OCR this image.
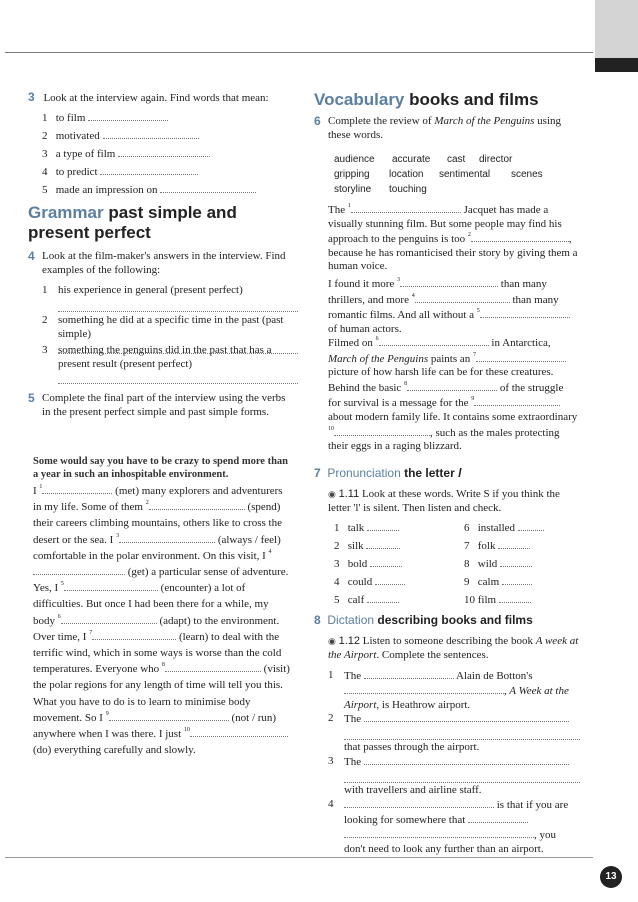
3 Look at the interview again. Find words that mean:
1   to film
2   motivated
3   a type of film
4   to predict
5   made an impression on
Grammar past simple and present perfect
4 Look at the film-maker's answers in the interview. Find examples of the following:
1 his experience in general (present perfect)
2 something he did at a specific time in the past (past simple)
3 something the penguins did in the past that has a present result (present perfect)
5 Complete the final part of the interview using the verbs in the present perfect simple and past simple forms.
Some would say you have to be crazy to spend more than a year in such an inhospitable environment.
I $^1$	(met) many explorers and adventurers in my life. Some of them $^2$	(spend) their careers climbing mountains, others like to cross the desert or the sea. I $^3$	(always / feel) comfortable in the polar environment. On this visit, I $^4$ (get) a particular sense of adventure. Yes, I $^5$	(encounter) a lot of difficulties. But once I had been there for a while, my body $^6$	(adapt) to the environment. Over time, I $^7$	(learn) to deal with the terrific wind, which in some ways is worse than the cold temperatures. Everyone who $^8$	(visit) the polar regions for any length of time will tell you this. What you have to do is to learn to minimise body movement. So I $^9$	(not / run) anywhere when I was there. I just $^{10}$ (do) everything carefully and slowly.
Vocabulary books and films
6 Complete the review of March of the Penguins using these words.
audience accurate cast director
gripping location sentimental scenes
storyline touching
The $^1$	Jacquet has made a visually stunning film. But some people may find his approach to the penguins is too $^2$	, because he has romanticised their story by giving them a human voice.
I found it more $^3$	than many thrillers, and more $^4$	than many romantic films. And all without a $^5$of human actors.
Filmed on $^6$	in Antarctica, March of the Penguins paints an $^7$ picture of how harsh life can be for these creatures. Behind the basic $^8$	of the struggle for survival is a message for the $^9$ about modern family life. It contains some extraordinary $^{10}$	, such as the males protecting their eggs in a raging blizzard.
7 Pronunciation the letter l
◉ 1.11 Look at these words. Write S if you think the letter 'l' is silent. Then listen and check.
1   talk
2   silk
3   bold
4   could
5   calf
6   installed
7   folk
8   wild
9   calm
10 film
8 Dictation describing books and films
◉ 1.12 Listen to someone describing the book A week at the Airport. Complete the sentences.
1 The	Alain de Botton's , A Week at the Airport, is Heathrow airport.
2 The
that passes through the airport.
3 The
with travellers and airline staff.
4	is that if you are looking for somewhere that  , you don't need to look any further than an airport.
13
